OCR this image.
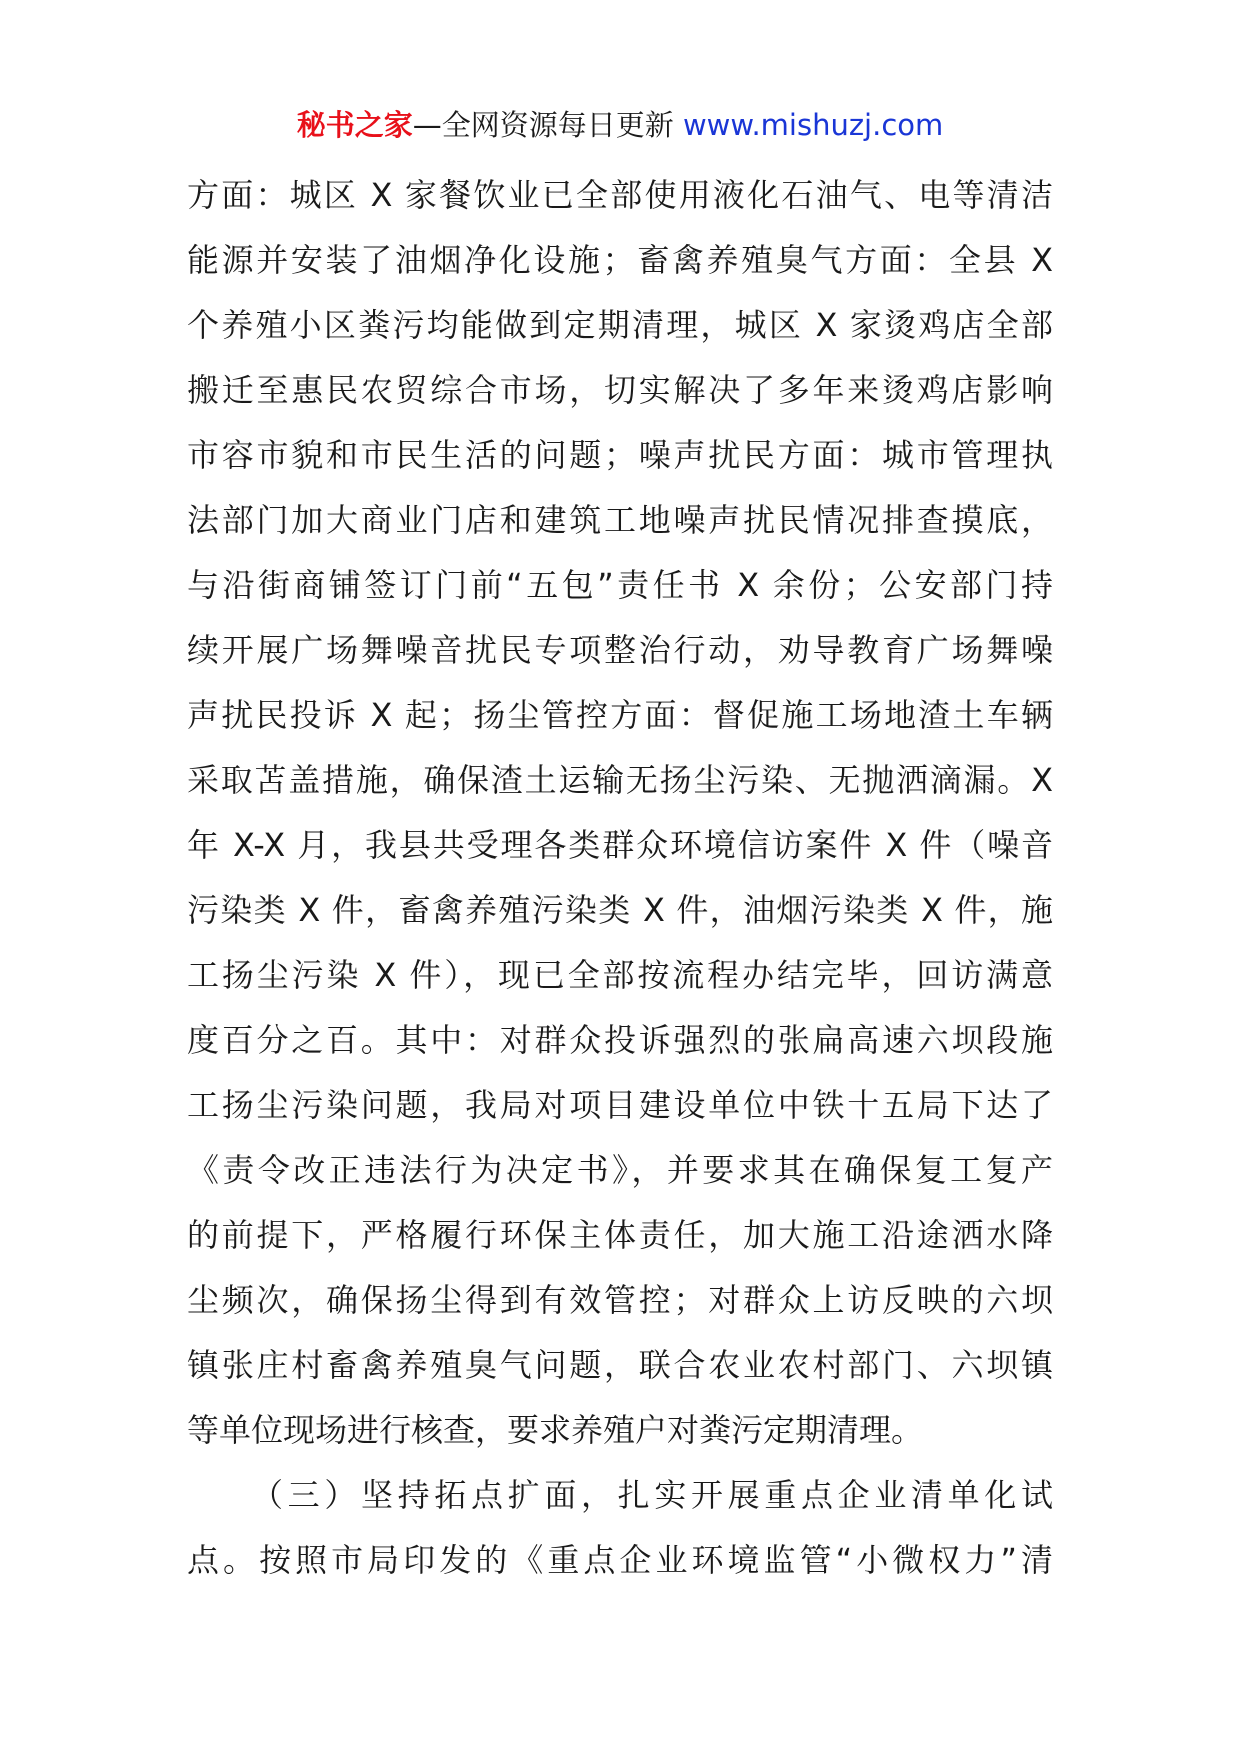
秘书之家—全网资源每日更新 www.mishuzj.com
方面：城区 X 家餐饮业已全部使用液化石油气、电等清洁
能源并安装了油烟净化设施；畜禽养殖臭气方面：全县 X
个养殖小区粪污均能做到定期清理，城区 X 家烫鸡店全部
搬迁至惠民农贸综合市场，切实解决了多年来烫鸡店影响
市容市貌和市民生活的问题；噪声扰民方面：城市管理执
法部门加大商业门店和建筑工地噪声扰民情况排查摸底，
与沿街商铺签订门前“五包”责任书 X 余份；公安部门持
续开展广场舞噪音扰民专项整治行动，劝导教育广场舞噪
声扰民投诉 X 起；扬尘管控方面：督促施工场地渣土车辆
采取苫盖措施，确保渣土运输无扬尘污染、无抛洒滴漏。X
年 X-X 月，我县共受理各类群众环境信访案件 X 件（噪音
污染类 X 件，畜禽养殖污染类 X 件，油烟污染类 X 件，施
工扬尘污染 X 件），现已全部按流程办结完毕，回访满意
度百分之百。其中：对群众投诉强烈的张扁高速六坝段施
工扬尘污染问题，我局对项目建设单位中铁十五局下达了
《责令改正违法行为决定书》，并要求其在确保复工复产
的前提下，严格履行环保主体责任，加大施工沿途洒水降
尘频次，确保扬尘得到有效管控；对群众上访反映的六坝
镇张庄村畜禽养殖臭气问题，联合农业农村部门、六坝镇
等单位现场进行核查，要求养殖户对粪污定期清理。
（三）坚持拓点扩面，扎实开展重点企业清单化试
点。按照市局印发的《重点企业环境监管“小微权力”清
